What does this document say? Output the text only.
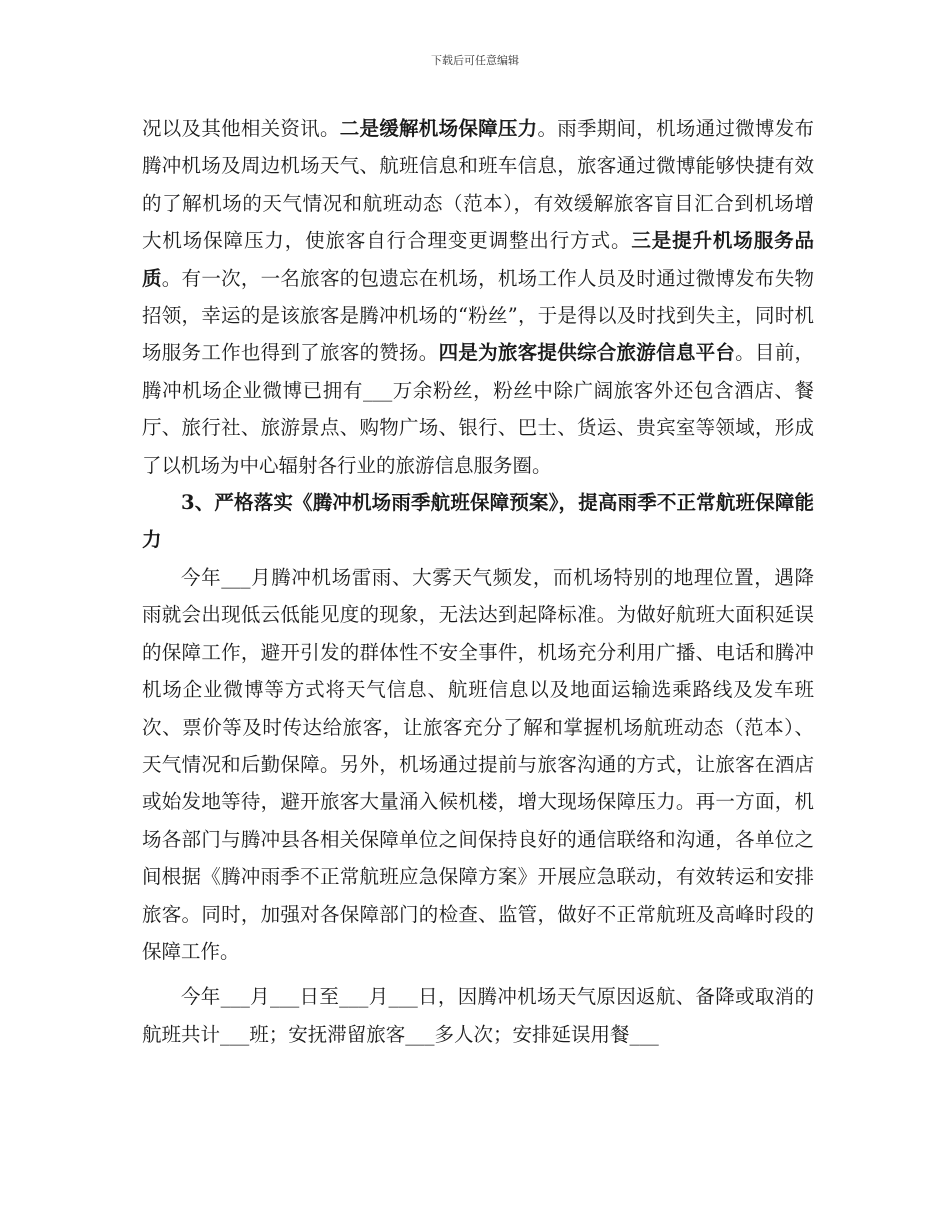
下载后可任意编辑

况以及其他相关资讯。二是缓解机场保障压力。雨季期间，机场通过微博发布腾冲机场及周边机场天气、航班信息和班车信息，旅客通过微博能够快捷有效的了解机场的天气情况和航班动态（范本），有效缓解旅客盲目汇合到机场增大机场保障压力，使旅客自行合理变更调整出行方式。三是提升机场服务品质。有一次，一名旅客的包遗忘在机场，机场工作人员及时通过微博发布失物招领，幸运的是该旅客是腾冲机场的“粉丝”，于是得以及时找到失主，同时机场服务工作也得到了旅客的赞扬。四是为旅客提供综合旅游信息平台。目前，腾冲机场企业微博已拥有___万余粉丝，粉丝中除广阔旅客外还包含酒店、餐厅、旅行社、旅游景点、购物广场、银行、巴士、货运、贵宾室等领域，形成了以机场为中心辐射各行业的旅游信息服务圈。

3、严格落实《腾冲机场雨季航班保障预案》，提高雨季不正常航班保障能力

今年___月腾冲机场雷雨、大雾天气频发，而机场特别的地理位置，遇降雨就会出现低云低能见度的现象，无法达到起降标准。为做好航班大面积延误的保障工作，避开引发的群体性不安全事件，机场充分利用广播、电话和腾冲机场企业微博等方式将天气信息、航班信息以及地面运输选乘路线及发车班次、票价等及时传达给旅客，让旅客充分了解和掌握机场航班动态（范本）、天气情况和后勤保障。另外，机场通过提前与旅客沟通的方式，让旅客在酒店或始发地等待，避开旅客大量涌入候机楼，增大现场保障压力。再一方面，机场各部门与腾冲县各相关保障单位之间保持良好的通信联络和沟通，各单位之间根据《腾冲雨季不正常航班应急保障方案》开展应急联动，有效转运和安排旅客。同时，加强对各保障部门的检查、监管，做好不正常航班及高峰时段的保障工作。

今年___月___日至___月___日，因腾冲机场天气原因返航、备降或取消的航班共计___班；安抚滞留旅客___多人次；安排延误用餐___
